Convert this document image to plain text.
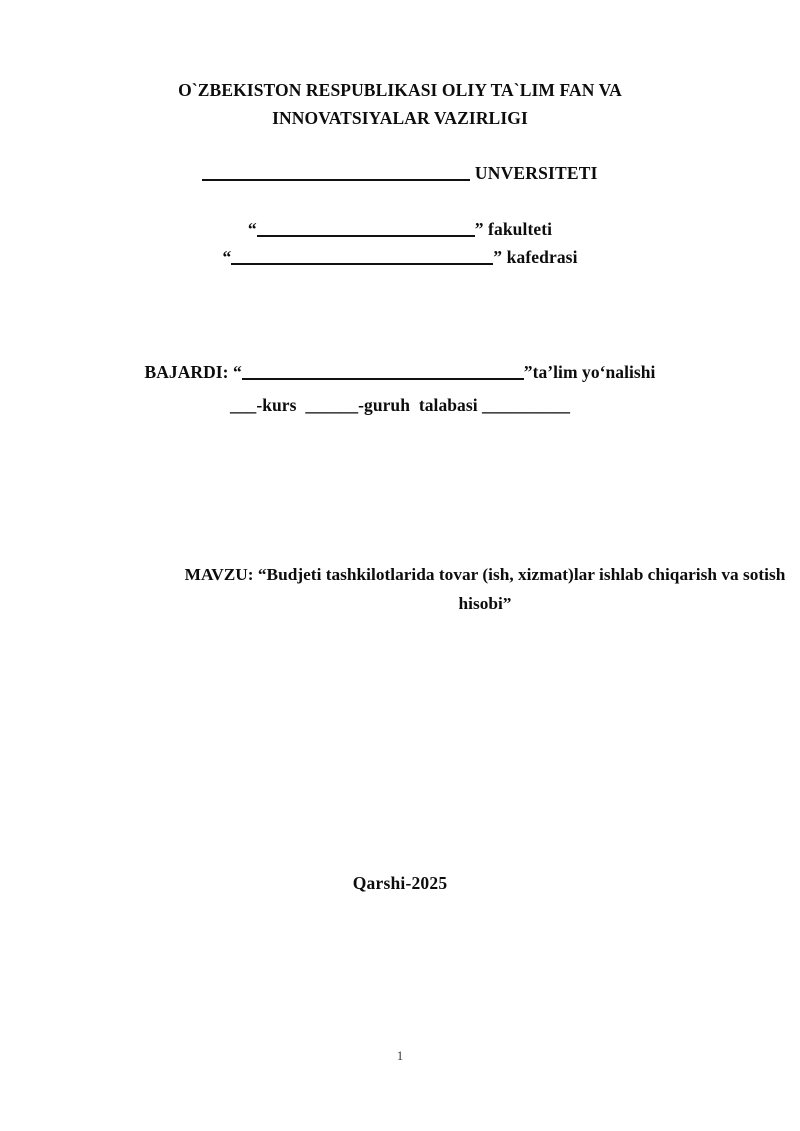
O`ZBEKISTON RESPUBLIKASI OLIY TA`LIM FAN VA
INNOVATSIYALAR VAZIRLIGI
UNVERSITETI
“	” fakulteti
“	” kafedrasi
BAJARDI: “	”ta’lim yo‘nalishi
___-kurs ______-guruh talabasi __________
MAVZU: “Budjeti tashkilotlarida tovar (ish, xizmat)lar ishlab chiqarish va sotish hisobi”
Qarshi-2025
1
